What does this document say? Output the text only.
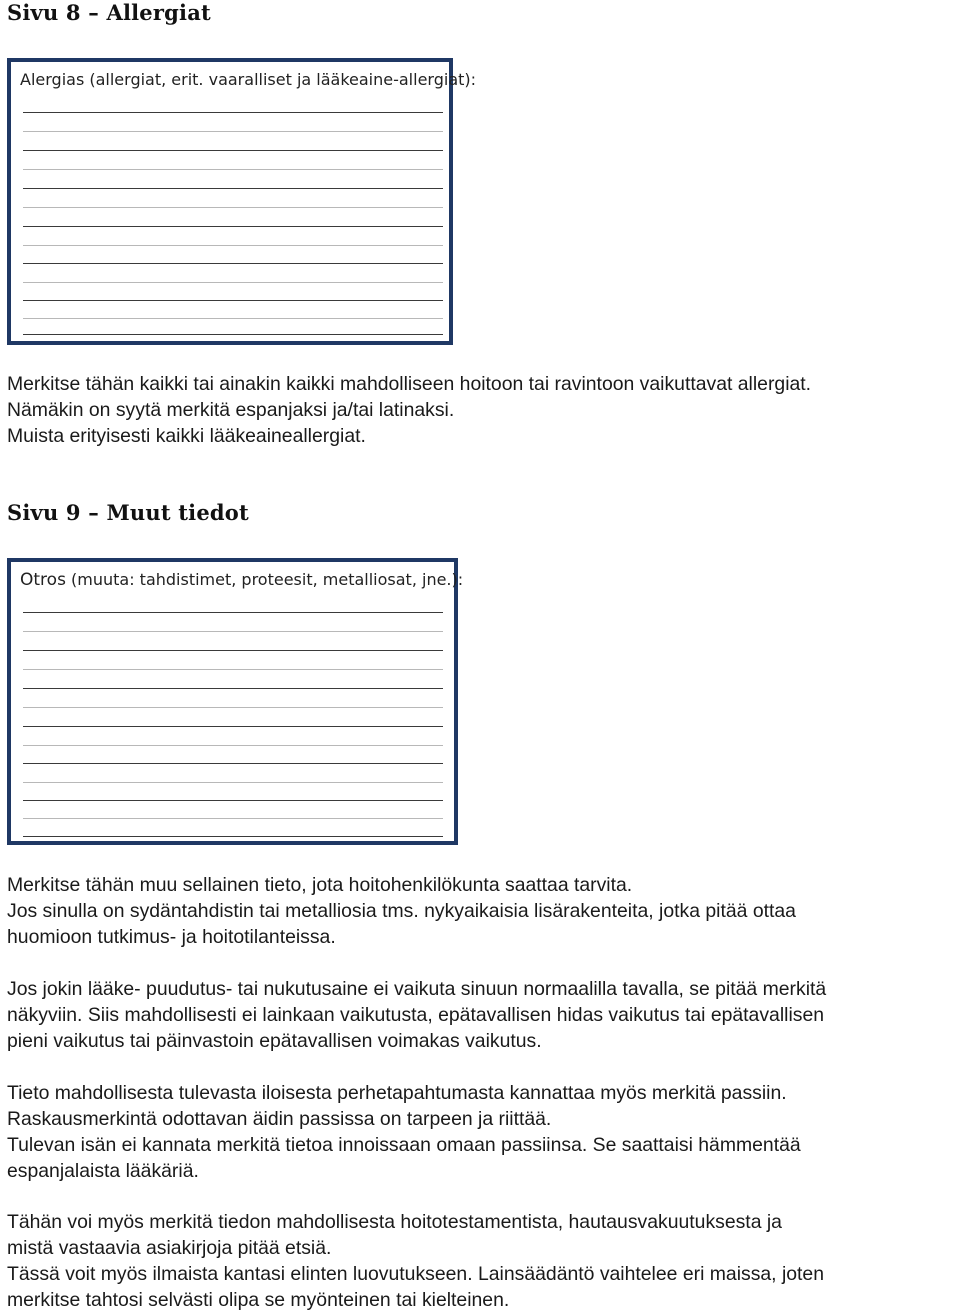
Sivu 8 – Allergiat
Alergias (allergiat, erit. vaaralliset ja lääkeaine-allergiat):
Merkitse tähän kaikki tai ainakin kaikki mahdolliseen hoitoon tai ravintoon vaikuttavat allergiat.
Nämäkin on syytä merkitä espanjaksi ja/tai latinaksi.
Muista erityisesti kaikki lääkeaineallergiat.
Sivu 9 – Muut tiedot
Otros (muuta: tahdistimet, proteesit, metalliosat, jne.):
Merkitse tähän muu sellainen tieto, jota hoitohenkilökunta saattaa tarvita.
Jos sinulla on sydäntahdistin tai metalliosia tms. nykyaikaisia lisärakenteita, jotka pitää ottaa
huomioon tutkimus- ja hoitotilanteissa.
Jos jokin lääke- puudutus- tai nukutusaine ei vaikuta sinuun normaalilla tavalla, se pitää merkitä
näkyviin. Siis mahdollisesti ei lainkaan vaikutusta, epätavallisen hidas vaikutus tai epätavallisen
pieni vaikutus tai päinvastoin epätavallisen voimakas vaikutus.
Tieto mahdollisesta tulevasta iloisesta perhetapahtumasta kannattaa myös merkitä passiin.
Raskausmerkintä odottavan äidin passissa on tarpeen ja riittää.
Tulevan isän ei kannata merkitä tietoa innoissaan omaan passiinsa. Se saattaisi hämmentää
espanjalaista lääkäriä.
Tähän voi myös merkitä tiedon mahdollisesta hoitotestamentista, hautausvakuutuksesta ja
mistä vastaavia asiakirjoja pitää etsiä.
Tässä voit myös ilmaista kantasi elinten luovutukseen. Lainsäädäntö vaihtelee eri maissa, joten
merkitse tahtosi selvästi olipa se myönteinen tai kielteinen.
